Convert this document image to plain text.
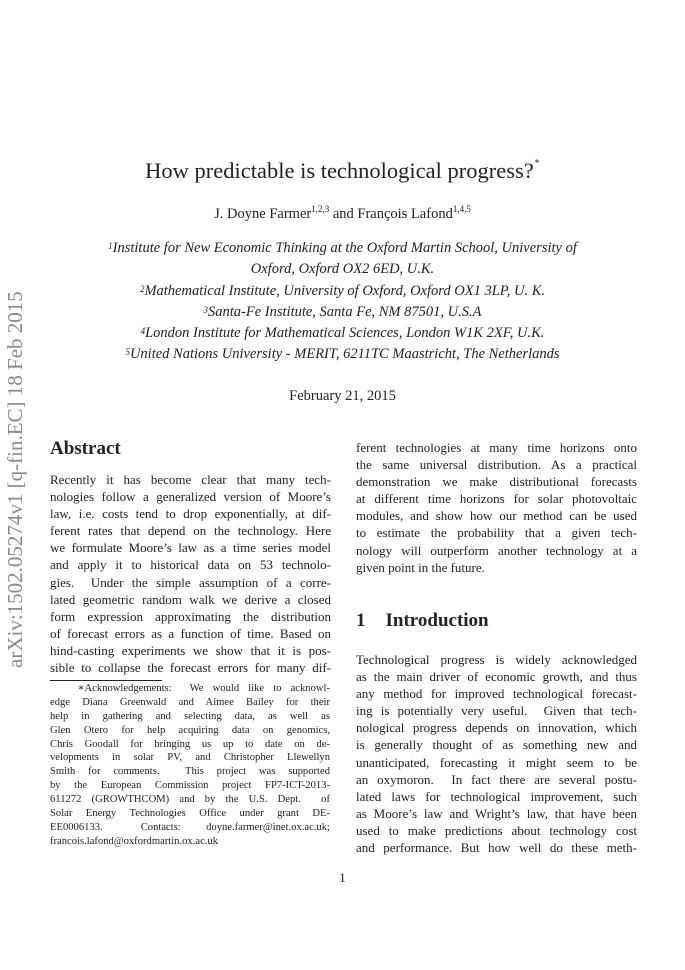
arXiv:1502.05274v1 [q-fin.EC] 18 Feb 2015
How predictable is technological progress?∗
J. Doyne Farmer$^{1,2,3}$ and François Lafond$^{1,4,5}$
$^1$Institute for New Economic Thinking at the Oxford Martin School, University of
Oxford, Oxford OX2 6ED, U.K.
$^2$Mathematical Institute, University of Oxford, Oxford OX1 3LP, U. K.
$^3$Santa-Fe Institute, Santa Fe, NM 87501, U.S.A
$^4$London Institute for Mathematical Sciences, London W1K 2XF, U.K.
$^5$United Nations University - MERIT, 6211TC Maastricht, The Netherlands
February 21, 2015
Abstract
Recently it has become clear that many tech-
nologies follow a generalized version of Moore’s
law, i.e. costs tend to drop exponentially, at dif-
ferent rates that depend on the technology. Here
we formulate Moore’s law as a time series model
and apply it to historical data on 53 technolo-
gies.  Under the simple assumption of a corre-
lated geometric random walk we derive a closed
form expression approximating the distribution
of forecast errors as a function of time. Based on
hind-casting experiments we show that it is pos-
sible to collapse the forecast errors for many dif-
ferent technologies at many time horizons onto
the same universal distribution. As a practical
demonstration we make distributional forecasts
at different time horizons for solar photovoltaic
modules, and show how our method can be used
to estimate the probability that a given tech-
nology will outperform another technology at a
given point in the future.
1 Introduction
Technological progress is widely acknowledged
as the main driver of economic growth, and thus
any method for improved technological forecast-
ing is potentially very useful.  Given that tech-
nological progress depends on innovation, which
is generally thought of as something new and
unanticipated, forecasting it might seem to be
an oxymoron.  In fact there are several postu-
lated laws for technological improvement, such
as Moore’s law and Wright’s law, that have been
used to make predictions about technology cost
and performance. But how well do these meth-
∗Acknowledgements:  We would like to acknowl-
edge Diana Greenwald and Aimee Bailey for their
help in gathering and selecting data, as well as
Glen Otero for help acquiring data on genomics,
Chris Goodall for bringing us up to date on de-
velopments in solar PV, and Christopher Llewellyn
Smith for comments.  This project was supported
by the European Commission project FP7-ICT-2013-
611272 (GROWTHCOM) and by the U.S. Dept.  of
Solar Energy Technologies Office under grant DE-
EE0006133.   Contacts:  doyne.farmer@inet.ox.ac.uk;
francois.lafond@oxfordmartin.ox.ac.uk
1
